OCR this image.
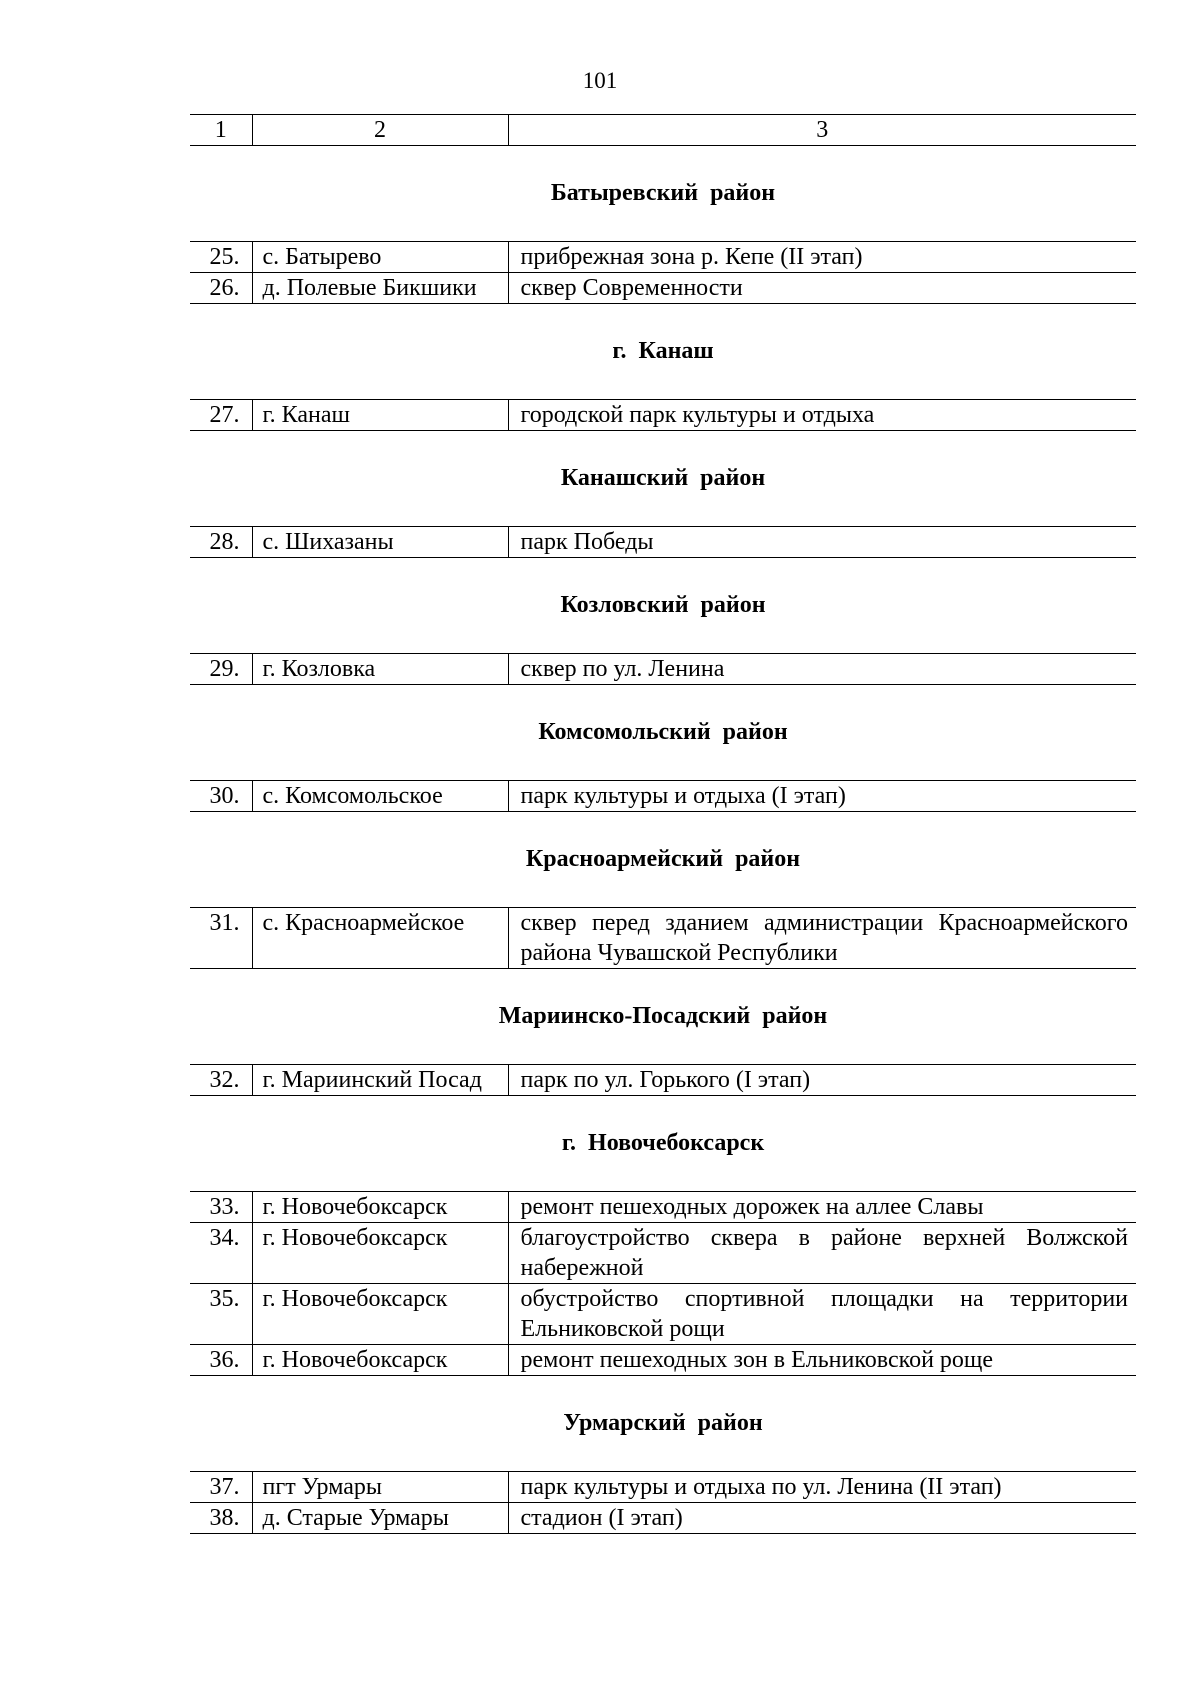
101
1	2	3
Батыревский район
25.	с. Батырево	прибрежная зона р. Кепе (II этап)
26.	д. Полевые Бикшики	сквер Современности
г. Канаш
27.	г. Канаш	городской парк культуры и отдыха
Канашский район
28.	с. Шихазаны	парк Победы
Козловский район
29.	г. Козловка	сквер по ул. Ленина
Комсомольский район
30.	с. Комсомольское	парк культуры и отдыха (I этап)
Красноармейский район
31.	с. Красноармейское	сквер перед зданием администрации Красноармейского района Чувашской Республики
Мариинско-Посадский район
32.	г. Мариинский Посад	парк по ул. Горького (I этап)
г. Новочебоксарск
33.	г. Новочебоксарск	ремонт пешеходных дорожек на аллее Славы
34.	г. Новочебоксарск	благоустройство сквера в районе верхней Волжской набережной
35.	г. Новочебоксарск	обустройство спортивной площадки на территории Ельниковской рощи
36.	г. Новочебоксарск	ремонт пешеходных зон в Ельниковской роще
Урмарский район
37.	пгт Урмары	парк культуры и отдыха по ул. Ленина (II этап)
38.	д. Старые Урмары	стадион (I этап)
